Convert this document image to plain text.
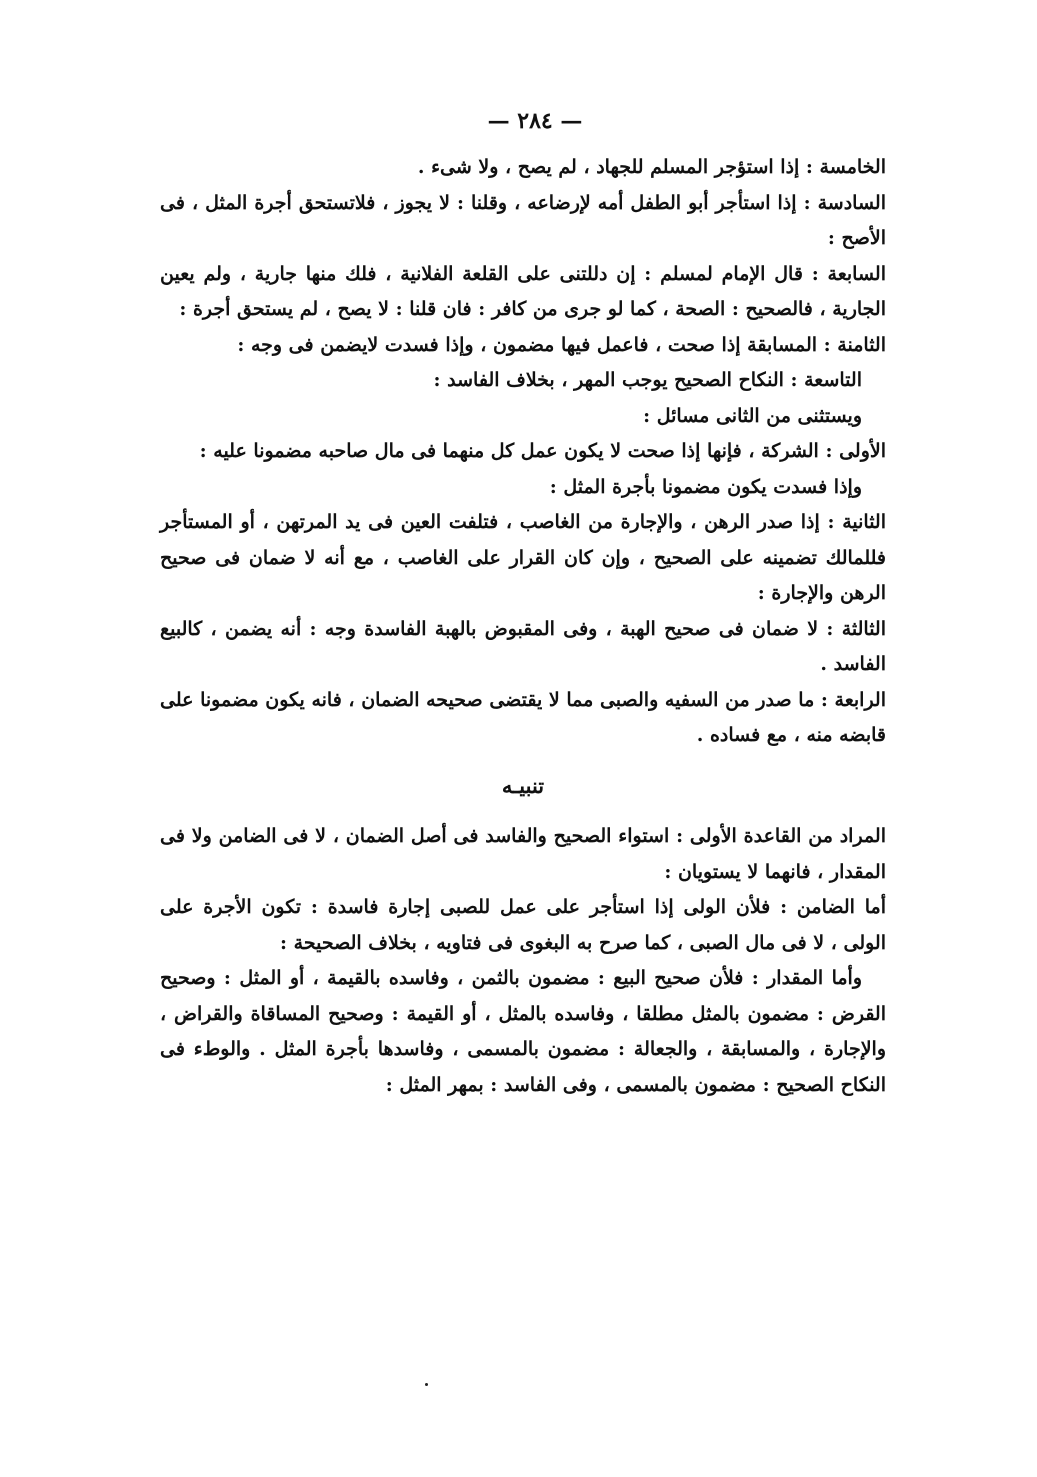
— ٢٨٤ —

الخامسة : إذا استؤجر المسلم للجهاد ، لم يصح ، ولا شىء .

السادسة : إذا استأجر أبو الطفل أمه لإرضاعه ، وقلنا : لا يجوز ، فلاتستحق أجرة المثل ، فى الأصح :

السابعة : قال الإمام لمسلم : إن دللتنى على القلعة الفلانية ، فلك منها جارية ، ولم يعين الجارية ، فالصحيح : الصحة ، كما لو جرى من كافر : فان قلنا : لا يصح ، لم يستحق أجرة :

الثامنة : المسابقة إذا صحت ، فاعمل فيها مضمون ، وإذا فسدت لايضمن فى وجه :

التاسعة : النكاح الصحيح يوجب المهر ، بخلاف الفاسد :

ويستثنى من الثانى مسائل :

الأولى : الشركة ، فإنها إذا صحت لا يكون عمل كل منهما فى مال صاحبه مضمونا عليه :

وإذا فسدت يكون مضمونا بأجرة المثل :

الثانية : إذا صدر الرهن ، والإجارة من الغاصب ، فتلفت العين فى يد المرتهن ، أو المستأجر فللمالك تضمينه على الصحيح ، وإن كان القرار على الغاصب ، مع أنه لا ضمان فى صحيح الرهن والإجارة :

الثالثة : لا ضمان فى صحيح الهبة ، وفى المقبوض بالهبة الفاسدة وجه : أنه يضمن ، كالبيع الفاسد .

الرابعة : ما صدر من السفيه والصبى مما لا يقتضى صحيحه الضمان ، فانه يكون مضمونا على قابضه منه ، مع فساده .

تنبيـه

المراد من القاعدة الأولى : استواء الصحيح والفاسد فى أصل الضمان ، لا فى الضامن ولا فى المقدار ، فانهما لا يستويان :

أما الضامن : فلأن الولى إذا استأجر على عمل للصبى إجارة فاسدة : تكون الأجرة على الولى ، لا فى مال الصبى ، كما صرح به البغوى فى فتاويه ، بخلاف الصحيحة :

وأما المقدار : فلأن صحيح البيع : مضمون بالثمن ، وفاسده بالقيمة ، أو المثل : وصحيح القرض : مضمون بالمثل مطلقا ، وفاسده بالمثل ، أو القيمة : وصحيح المساقاة والقراض ، والإجارة ، والمسابقة ، والجعالة : مضمون بالمسمى ، وفاسدها بأجرة المثل . والوطء فى النكاح الصحيح : مضمون بالمسمى ، وفى الفاسد : بمهر المثل :
